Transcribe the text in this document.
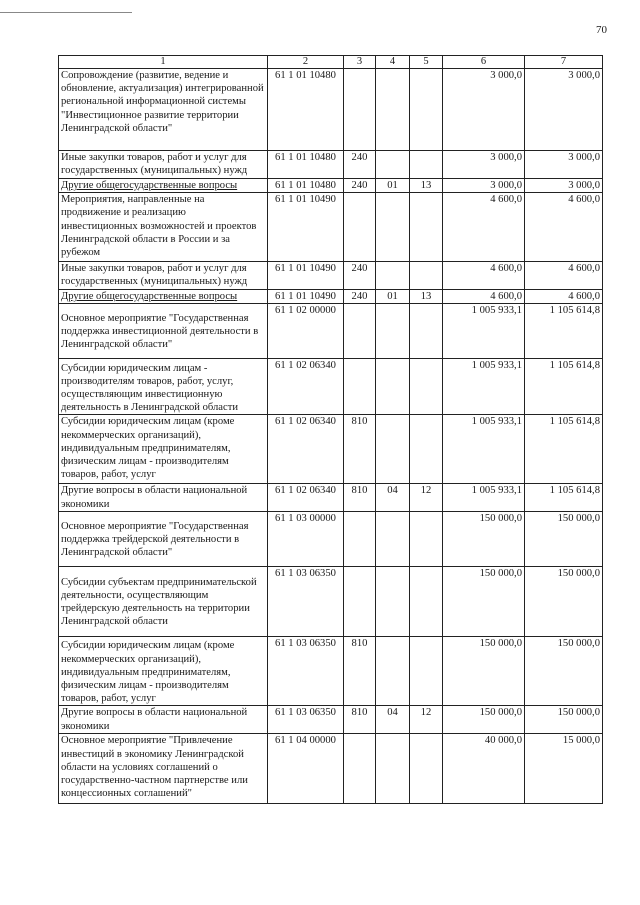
70
1	2	3	4	5	6	7
Сопровождение (развитие, ведение и обновление, актуализация) интегрированной региональной информационной системы "Инвестиционное развитие территории Ленинградской области"	61 1 01 10480				3 000,0	3 000,0
Иные закупки товаров, работ и услуг для государственных (муниципальных) нужд	61 1 01 10480	240			3 000,0	3 000,0
Другие общегосударственные вопросы	61 1 01 10480	240	01	13	3 000,0	3 000,0
Мероприятия, направленные на продвижение и реализацию инвестиционных возможностей и проектов Ленинградской области в России и за рубежом	61 1 01 10490				4 600,0	4 600,0
Иные закупки товаров, работ и услуг для государственных (муниципальных) нужд	61 1 01 10490	240			4 600,0	4 600,0
Другие общегосударственные вопросы	61 1 01 10490	240	01	13	4 600,0	4 600,0
Основное мероприятие "Государственная поддержка инвестиционной деятельности в Ленинградской области"	61 1 02 00000				1 005 933,1	1 105 614,8
Субсидии юридическим лицам - производителям товаров, работ, услуг, осуществляющим инвестиционную деятельность в Ленинградской области	61 1 02 06340				1 005 933,1	1 105 614,8
Субсидии юридическим лицам (кроме некоммерческих организаций), индивидуальным предпринимателям, физическим лицам - производителям товаров, работ, услуг	61 1 02 06340	810			1 005 933,1	1 105 614,8
Другие вопросы в области национальной экономики	61 1 02 06340	810	04	12	1 005 933,1	1 105 614,8
Основное мероприятие "Государственная поддержка трейдерской деятельности в Ленинградской области"	61 1 03 00000				150 000,0	150 000,0
Субсидии субъектам предпринимательской деятельности, осуществляющим трейдерскую деятельность на территории Ленинградской области	61 1 03 06350				150 000,0	150 000,0
Субсидии юридическим лицам (кроме некоммерческих организаций), индивидуальным предпринимателям, физическим лицам - производителям товаров, работ, услуг	61 1 03 06350	810			150 000,0	150 000,0
Другие вопросы в области национальной экономики	61 1 03 06350	810	04	12	150 000,0	150 000,0
Основное мероприятие "Привлечение инвестиций в экономику Ленинградской области на условиях соглашений о государственно-частном партнерстве или концессионных соглашений"	61 1 04 00000				40 000,0	15 000,0
